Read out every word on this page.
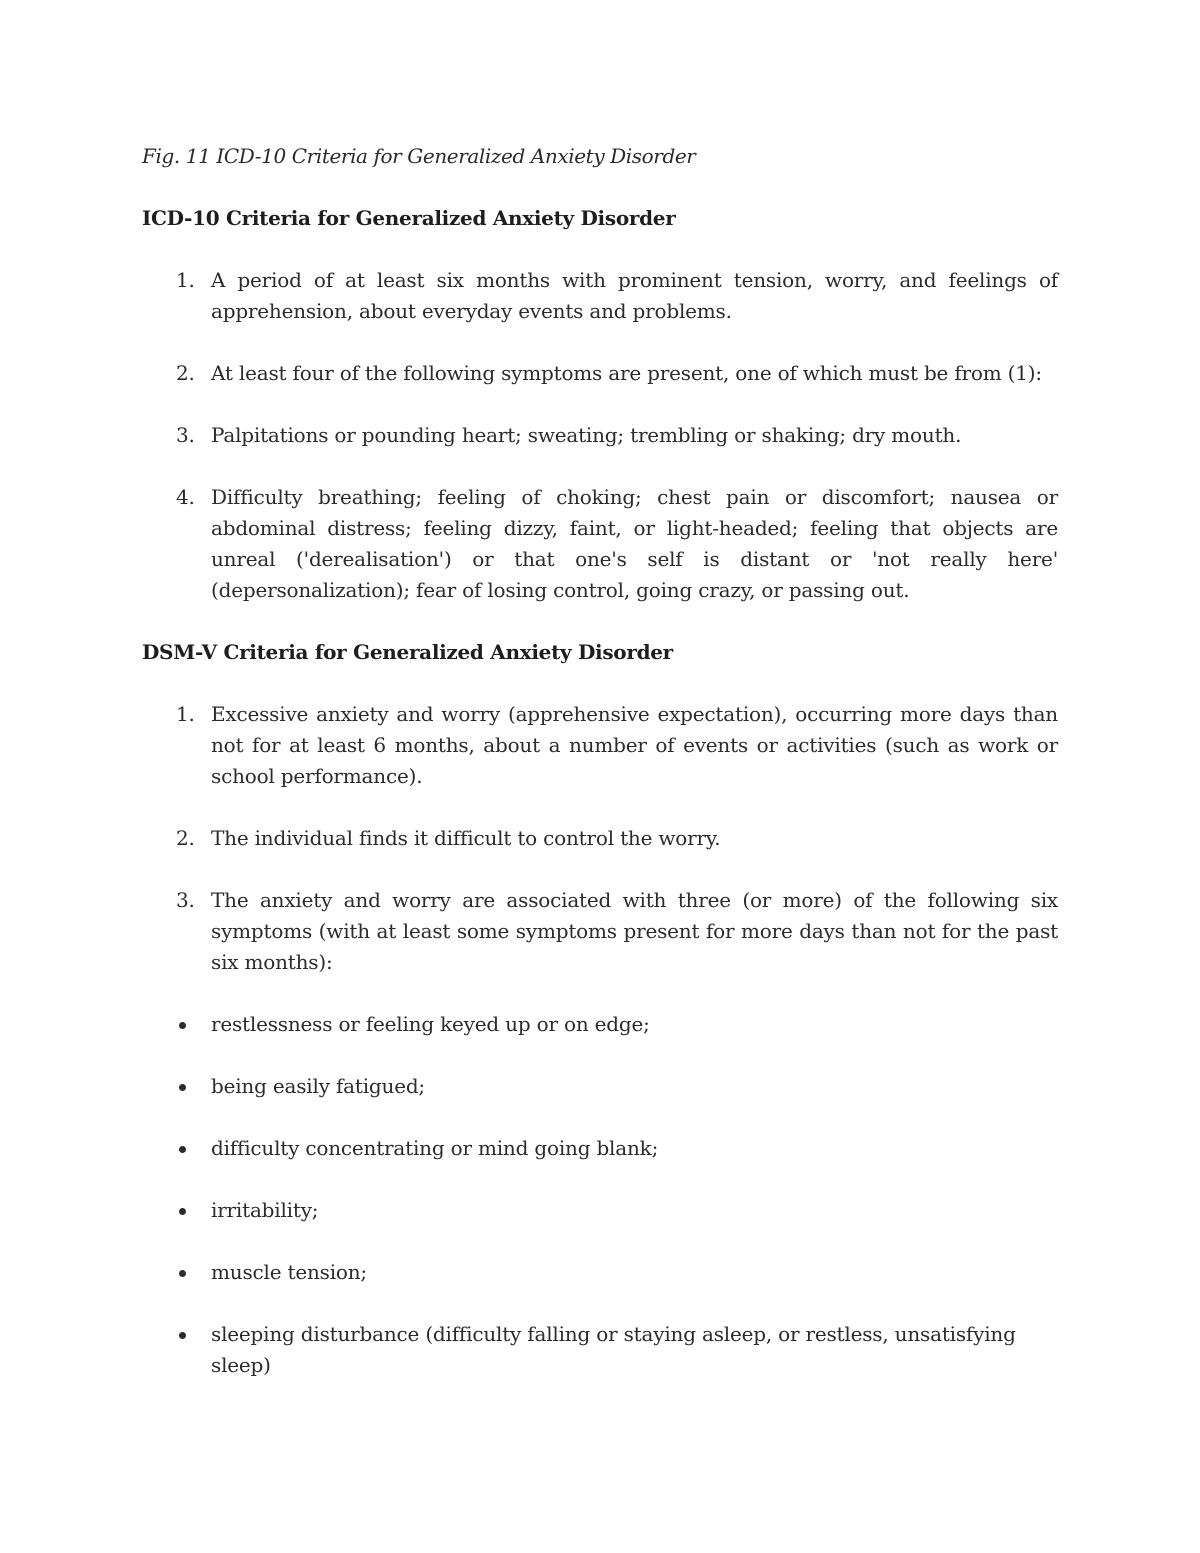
Fig. 11 ICD-10 Criteria for Generalized Anxiety Disorder

ICD-10 Criteria for Generalized Anxiety Disorder

1. A period of at least six months with prominent tension, worry, and feelings of apprehension, about everyday events and problems.
2. At least four of the following symptoms are present, one of which must be from (1):
3. Palpitations or pounding heart; sweating; trembling or shaking; dry mouth.
4. Difficulty breathing; feeling of choking; chest pain or discomfort; nausea or abdominal distress; feeling dizzy, faint, or light-headed; feeling that objects are unreal ('derealisation') or that one's self is distant or 'not really here' (depersonalization); fear of losing control, going crazy, or passing out.

DSM-V Criteria for Generalized Anxiety Disorder

1. Excessive anxiety and worry (apprehensive expectation), occurring more days than not for at least 6 months, about a number of events or activities (such as work or school performance).
2. The individual finds it difficult to control the worry.
3. The anxiety and worry are associated with three (or more) of the following six symptoms (with at least some symptoms present for more days than not for the past six months):
restlessness or feeling keyed up or on edge;
being easily fatigued;
difficulty concentrating or mind going blank;
irritability;
muscle tension;
sleeping disturbance (difficulty falling or staying asleep, or restless, unsatisfying sleep)
